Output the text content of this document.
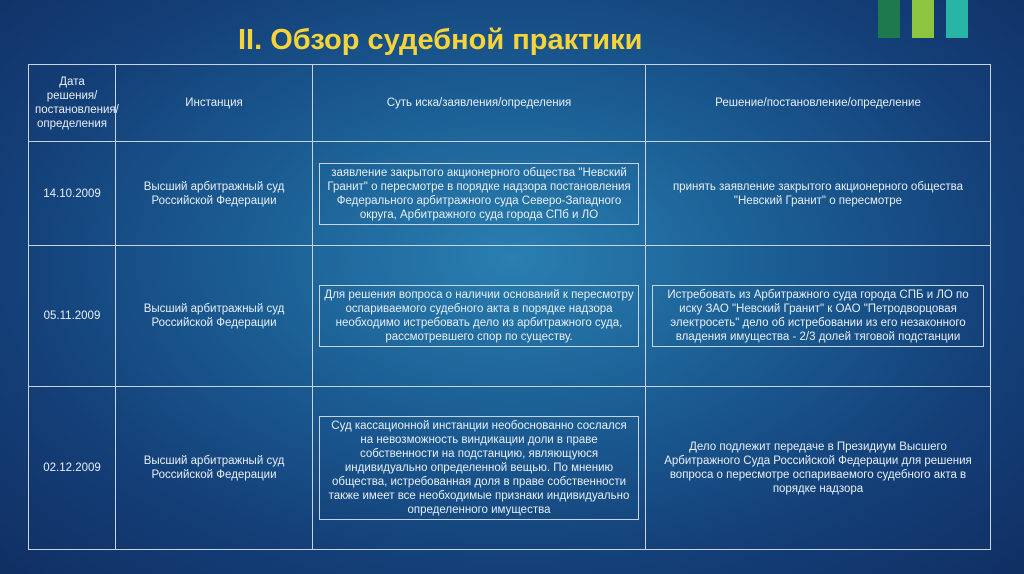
II. Обзор судебной практики
Дата решения/постановления/определения	Инстанция	Суть иска/заявления/определения	Решение/постановление/определение
14.10.2009	Высший арбитражный суд Российской Федерации	заявление закрытого акционерного общества "Невский Гранит" о пересмотре в порядке надзора постановления Федерального арбитражного суда Северо-Западного округа, Арбитражного суда города СПб и ЛО	принять заявление закрытого акционерного общества "Невский Гранит" о пересмотре
05.11.2009	Высший арбитражный суд Российской Федерации	Для решения вопроса о наличии оснований к пересмотру оспариваемого судебного акта в порядке надзора необходимо истребовать дело из арбитражного суда, рассмотревшего спор по существу.	Истребовать из Арбитражного суда города СПБ и ЛО по иску ЗАО "Невский Гранит" к ОАО "Петродворцовая электросеть" дело об истребовании из его незаконного владения имущества - 2/3 долей тяговой подстанции
02.12.2009	Высший арбитражный суд Российской Федерации	Суд кассационной инстанции необоснованно сослался на невозможность виндикации доли в праве собственности на подстанцию, являющуюся индивидуально определенной вещью. По мнению общества, истребованная доля в праве собственности также имеет все необходимые признаки индивидуально определенного имущества	Дело подлежит передаче в Президиум Высшего Арбитражного Суда Российской Федерации для решения вопроса о пересмотре оспариваемого судебного акта в порядке надзора
